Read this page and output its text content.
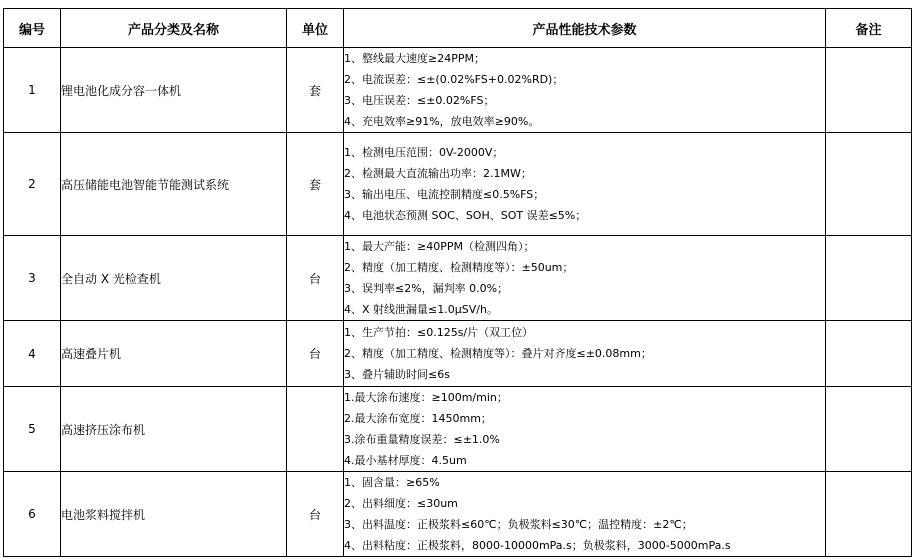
编号	产品分类及名称	单位	产品性能技术参数	备注
1	锂电池化成分容一体机	套	1、整线最大速度≥24PPM；
2、电流误差：≤±(0.02%FS+0.02%RD)；
3、电压误差：≤±0.02%FS；
4、充电效率≥91%，放电效率≥90%。	

2	高压储能电池智能节能测试系统	套	1、检测电压范围：0V-2000V；
2、检测最大直流输出功率：2.1MW；
3、输出电压、电流控制精度≤0.5%FS；
4、电池状态预测 SOC、SOH、SOT 误差≤5%；	

3	全自动 X 光检查机	台	1、最大产能：≥40PPM（检测四角）；
2、精度（加工精度、检测精度等）：±50um；
3、误判率≤2%，漏判率 0.0%；
4、X 射线泄漏量≤1.0μSV/h。	

4	高速叠片机	台	1、生产节拍：≤0.125s/片（双工位）
2、精度（加工精度、检测精度等）：叠片对齐度≤±0.08mm；
3、叠片辅助时间≤6s	

5	高速挤压涂布机		1.最大涂布速度：≥100m/min；
2.最大涂布宽度：1450mm；
3.涂布重量精度误差：≤±1.0%
4.最小基材厚度：4.5um	

6	电池浆料搅拌机	台	1、固含量：≥65%
2、出料细度：≤30um
3、出料温度：正极浆料≤60℃；负极浆料≤30℃；温控精度：±2℃；
4、出料粘度：正极浆料，8000-10000mPa.s；负极浆料，3000-5000mPa.s	
